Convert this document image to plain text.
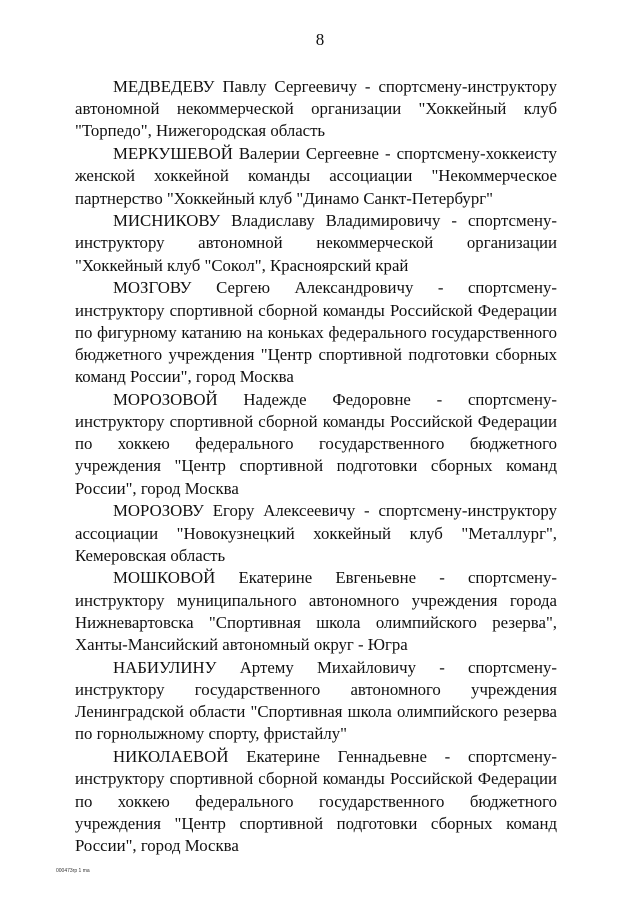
8

МЕДВЕДЕВУ Павлу Сергеевичу - спортсмену-инструктору автономной некоммерческой организации "Хоккейный клуб "Торпедо", Нижегородская область

МЕРКУШЕВОЙ Валерии Сергеевне - спортсмену-хоккеисту женской хоккейной команды ассоциации "Некоммерческое партнерство "Хоккейный клуб "Динамо Санкт-Петербург"

МИСНИКОВУ Владиславу Владимировичу - спортсмену-инструктору автономной некоммерческой организации "Хоккейный клуб "Сокол", Красноярский край

МОЗГОВУ Сергею Александровичу - спортсмену-инструктору спортивной сборной команды Российской Федерации по фигурному катанию на коньках федерального государственного бюджетного учреждения "Центр спортивной подготовки сборных команд России", город Москва

МОРОЗОВОЙ Надежде Федоровне - спортсмену-инструктору спортивной сборной команды Российской Федерации по хоккею федерального государственного бюджетного учреждения "Центр спортивной подготовки сборных команд России", город Москва

МОРОЗОВУ Егору Алексеевичу - спортсмену-инструктору ассоциации "Новокузнецкий хоккейный клуб "Металлург", Кемеровская область

МОШКОВОЙ Екатерине Евгеньевне - спортсмену-инструктору муниципального автономного учреждения города Нижневартовска "Спортивная школа олимпийского резерва", Ханты-Мансийский автономный округ - Югра

НАБИУЛИНУ Артему Михайловичу - спортсмену-инструктору государственного автономного учреждения Ленинградской области "Спортивная школа олимпийского резерва по горнолыжному спорту, фристайлу"

НИКОЛАЕВОЙ Екатерине Геннадьевне - спортсмену-инструктору спортивной сборной команды Российской Федерации по хоккею федерального государственного бюджетного учреждения "Центр спортивной подготовки сборных команд России", город Москва

000473rp 1 ma
